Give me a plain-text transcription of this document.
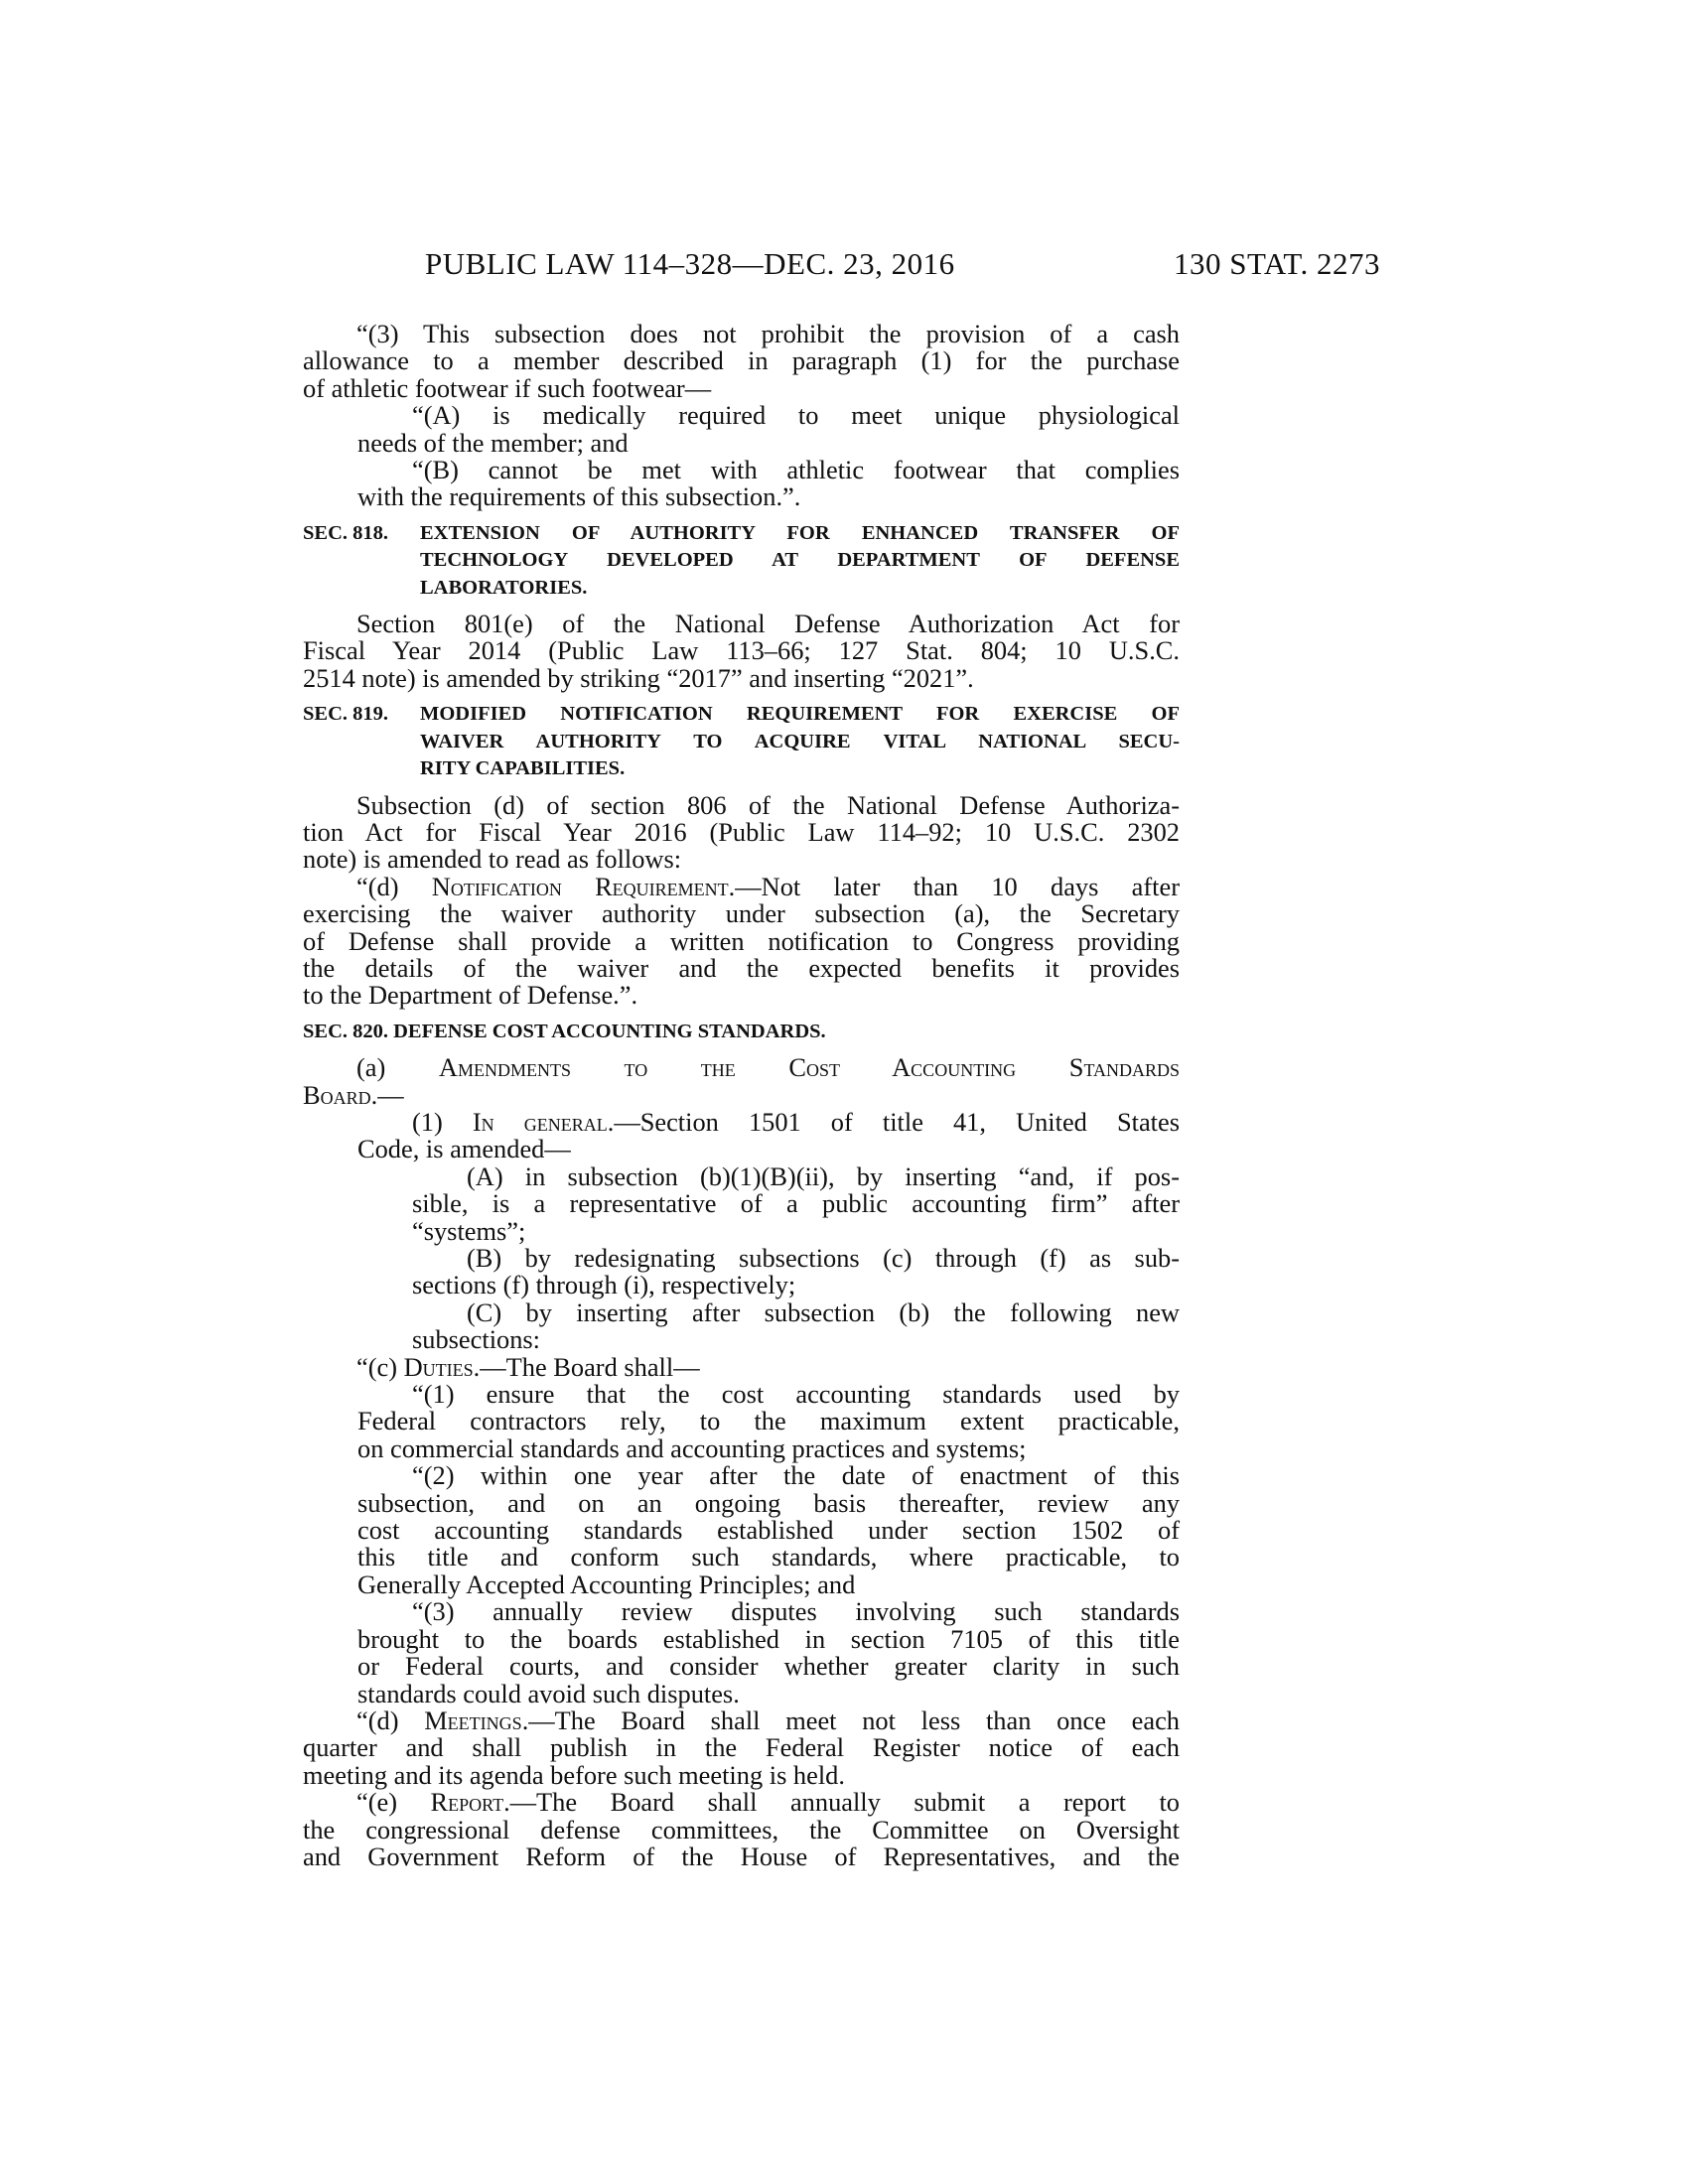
PUBLIC LAW 114–328—DEC. 23, 2016	130 STAT. 2273

“(3) This subsection does not prohibit the provision of a cash

allowance to a member described in paragraph (1) for the purchase

of athletic footwear if such footwear—

“(A) is medically required to meet unique physiological

needs of the member; and

“(B) cannot be met with athletic footwear that complies

with the requirements of this subsection.”.

SEC. 818.	EXTENSION OF AUTHORITY FOR ENHANCED TRANSFER OF
TECHNOLOGY DEVELOPED AT DEPARTMENT OF DEFENSE
LABORATORIES.

Section 801(e) of the National Defense Authorization Act for

Fiscal Year 2014 (Public Law 113–66; 127 Stat. 804; 10 U.S.C.

2514 note) is amended by striking “2017” and inserting “2021”.

SEC. 819.	MODIFIED NOTIFICATION REQUIREMENT FOR EXERCISE OF
WAIVER AUTHORITY TO ACQUIRE VITAL NATIONAL SECU-
RITY CAPABILITIES.

Subsection (d) of section 806 of the National Defense Authoriza-

tion Act for Fiscal Year 2016 (Public Law 114–92; 10 U.S.C. 2302

note) is amended to read as follows:

“(d) Notification Requirement.—Not later than 10 days after

exercising the waiver authority under subsection (a), the Secretary

of Defense shall provide a written notification to Congress providing

the details of the waiver and the expected benefits it provides

to the Department of Defense.”.

SEC. 820. DEFENSE COST ACCOUNTING STANDARDS.

(a) Amendments to the Cost Accounting Standards

Board.—

(1) In general.—Section 1501 of title 41, United States

Code, is amended—

(A) in subsection (b)(1)(B)(ii), by inserting “and, if pos-

sible, is a representative of a public accounting firm” after

“systems”;

(B) by redesignating subsections (c) through (f) as sub-

sections (f) through (i), respectively;

(C) by inserting after subsection (b) the following new

subsections:

“(c) Duties.—The Board shall—

“(1) ensure that the cost accounting standards used by

Federal contractors rely, to the maximum extent practicable,

on commercial standards and accounting practices and systems;

“(2) within one year after the date of enactment of this

subsection, and on an ongoing basis thereafter, review any

cost accounting standards established under section 1502 of

this title and conform such standards, where practicable, to

Generally Accepted Accounting Principles; and

“(3) annually review disputes involving such standards

brought to the boards established in section 7105 of this title

or Federal courts, and consider whether greater clarity in such

standards could avoid such disputes.

“(d) Meetings.—The Board shall meet not less than once each

quarter and shall publish in the Federal Register notice of each

meeting and its agenda before such meeting is held.

“(e) Report.—The Board shall annually submit a report to

the congressional defense committees, the Committee on Oversight

and Government Reform of the House of Representatives, and the
